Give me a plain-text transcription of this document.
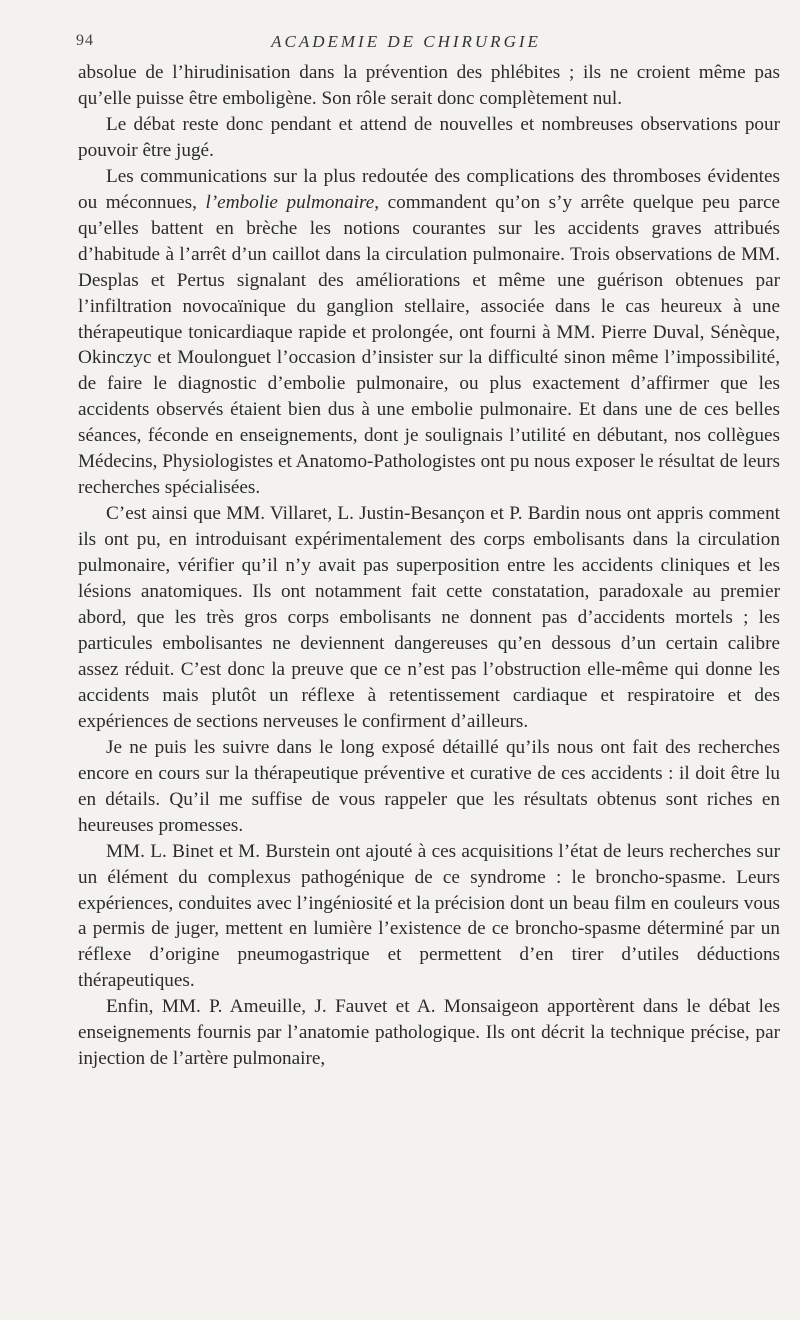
94	ACADEMIE DE CHIRURGIE

absolue de l’hirudinisation dans la prévention des phlébites ; ils ne croient même pas qu’elle puisse être emboligène. Son rôle serait donc complètement nul.

Le débat reste donc pendant et attend de nouvelles et nombreuses observations pour pouvoir être jugé.

Les communications sur la plus redoutée des complications des thromboses évidentes ou méconnues, l’embolie pulmonaire, commandent qu’on s’y arrête quelque peu parce qu’elles battent en brèche les notions courantes sur les accidents graves attribués d’habitude à l’arrêt d’un caillot dans la circulation pulmonaire. Trois observations de MM. Desplas et Pertus signalant des améliorations et même une guérison obtenues par l’infiltration novocaïnique du ganglion stellaire, associée dans le cas heureux à une thérapeutique tonicardiaque rapide et prolongée, ont fourni à MM. Pierre Duval, Sénèque, Okinczyc et Moulonguet l’occasion d’insister sur la difficulté sinon même l’impossibilité, de faire le diagnostic d’embolie pulmonaire, ou plus exactement d’affirmer que les accidents observés étaient bien dus à une embolie pulmonaire. Et dans une de ces belles séances, féconde en enseignements, dont je soulignais l’utilité en débutant, nos collègues Médecins, Physiologistes et Anatomo-Pathologistes ont pu nous exposer le résultat de leurs recherches spécialisées.

C’est ainsi que MM. Villaret, L. Justin-Besançon et P. Bardin nous ont appris comment ils ont pu, en introduisant expérimentalement des corps embolisants dans la circulation pulmonaire, vérifier qu’il n’y avait pas superposition entre les accidents cliniques et les lésions anatomiques. Ils ont notamment fait cette constatation, paradoxale au premier abord, que les très gros corps embolisants ne donnent pas d’accidents mortels ; les particules embolisantes ne deviennent dangereuses qu’en dessous d’un certain calibre assez réduit. C’est donc la preuve que ce n’est pas l’obstruction elle-même qui donne les accidents mais plutôt un réflexe à retentissement cardiaque et respiratoire et des expériences de sections nerveuses le confirment d’ailleurs.

Je ne puis les suivre dans le long exposé détaillé qu’ils nous ont fait des recherches encore en cours sur la thérapeutique préventive et curative de ces accidents : il doit être lu en détails. Qu’il me suffise de vous rappeler que les résultats obtenus sont riches en heureuses promesses.

MM. L. Binet et M. Burstein ont ajouté à ces acquisitions l’état de leurs recherches sur un élément du complexus pathogénique de ce syndrome : le broncho-spasme. Leurs expériences, conduites avec l’ingéniosité et la précision dont un beau film en couleurs vous a permis de juger, mettent en lumière l’existence de ce broncho-spasme déterminé par un réflexe d’origine pneumogastrique et permettent d’en tirer d’utiles déductions thérapeutiques.

Enfin, MM. P. Ameuille, J. Fauvet et A. Monsaigeon apportèrent dans le débat les enseignements fournis par l’anatomie pathologique. Ils ont décrit la technique précise, par injection de l’artère pulmonaire,
